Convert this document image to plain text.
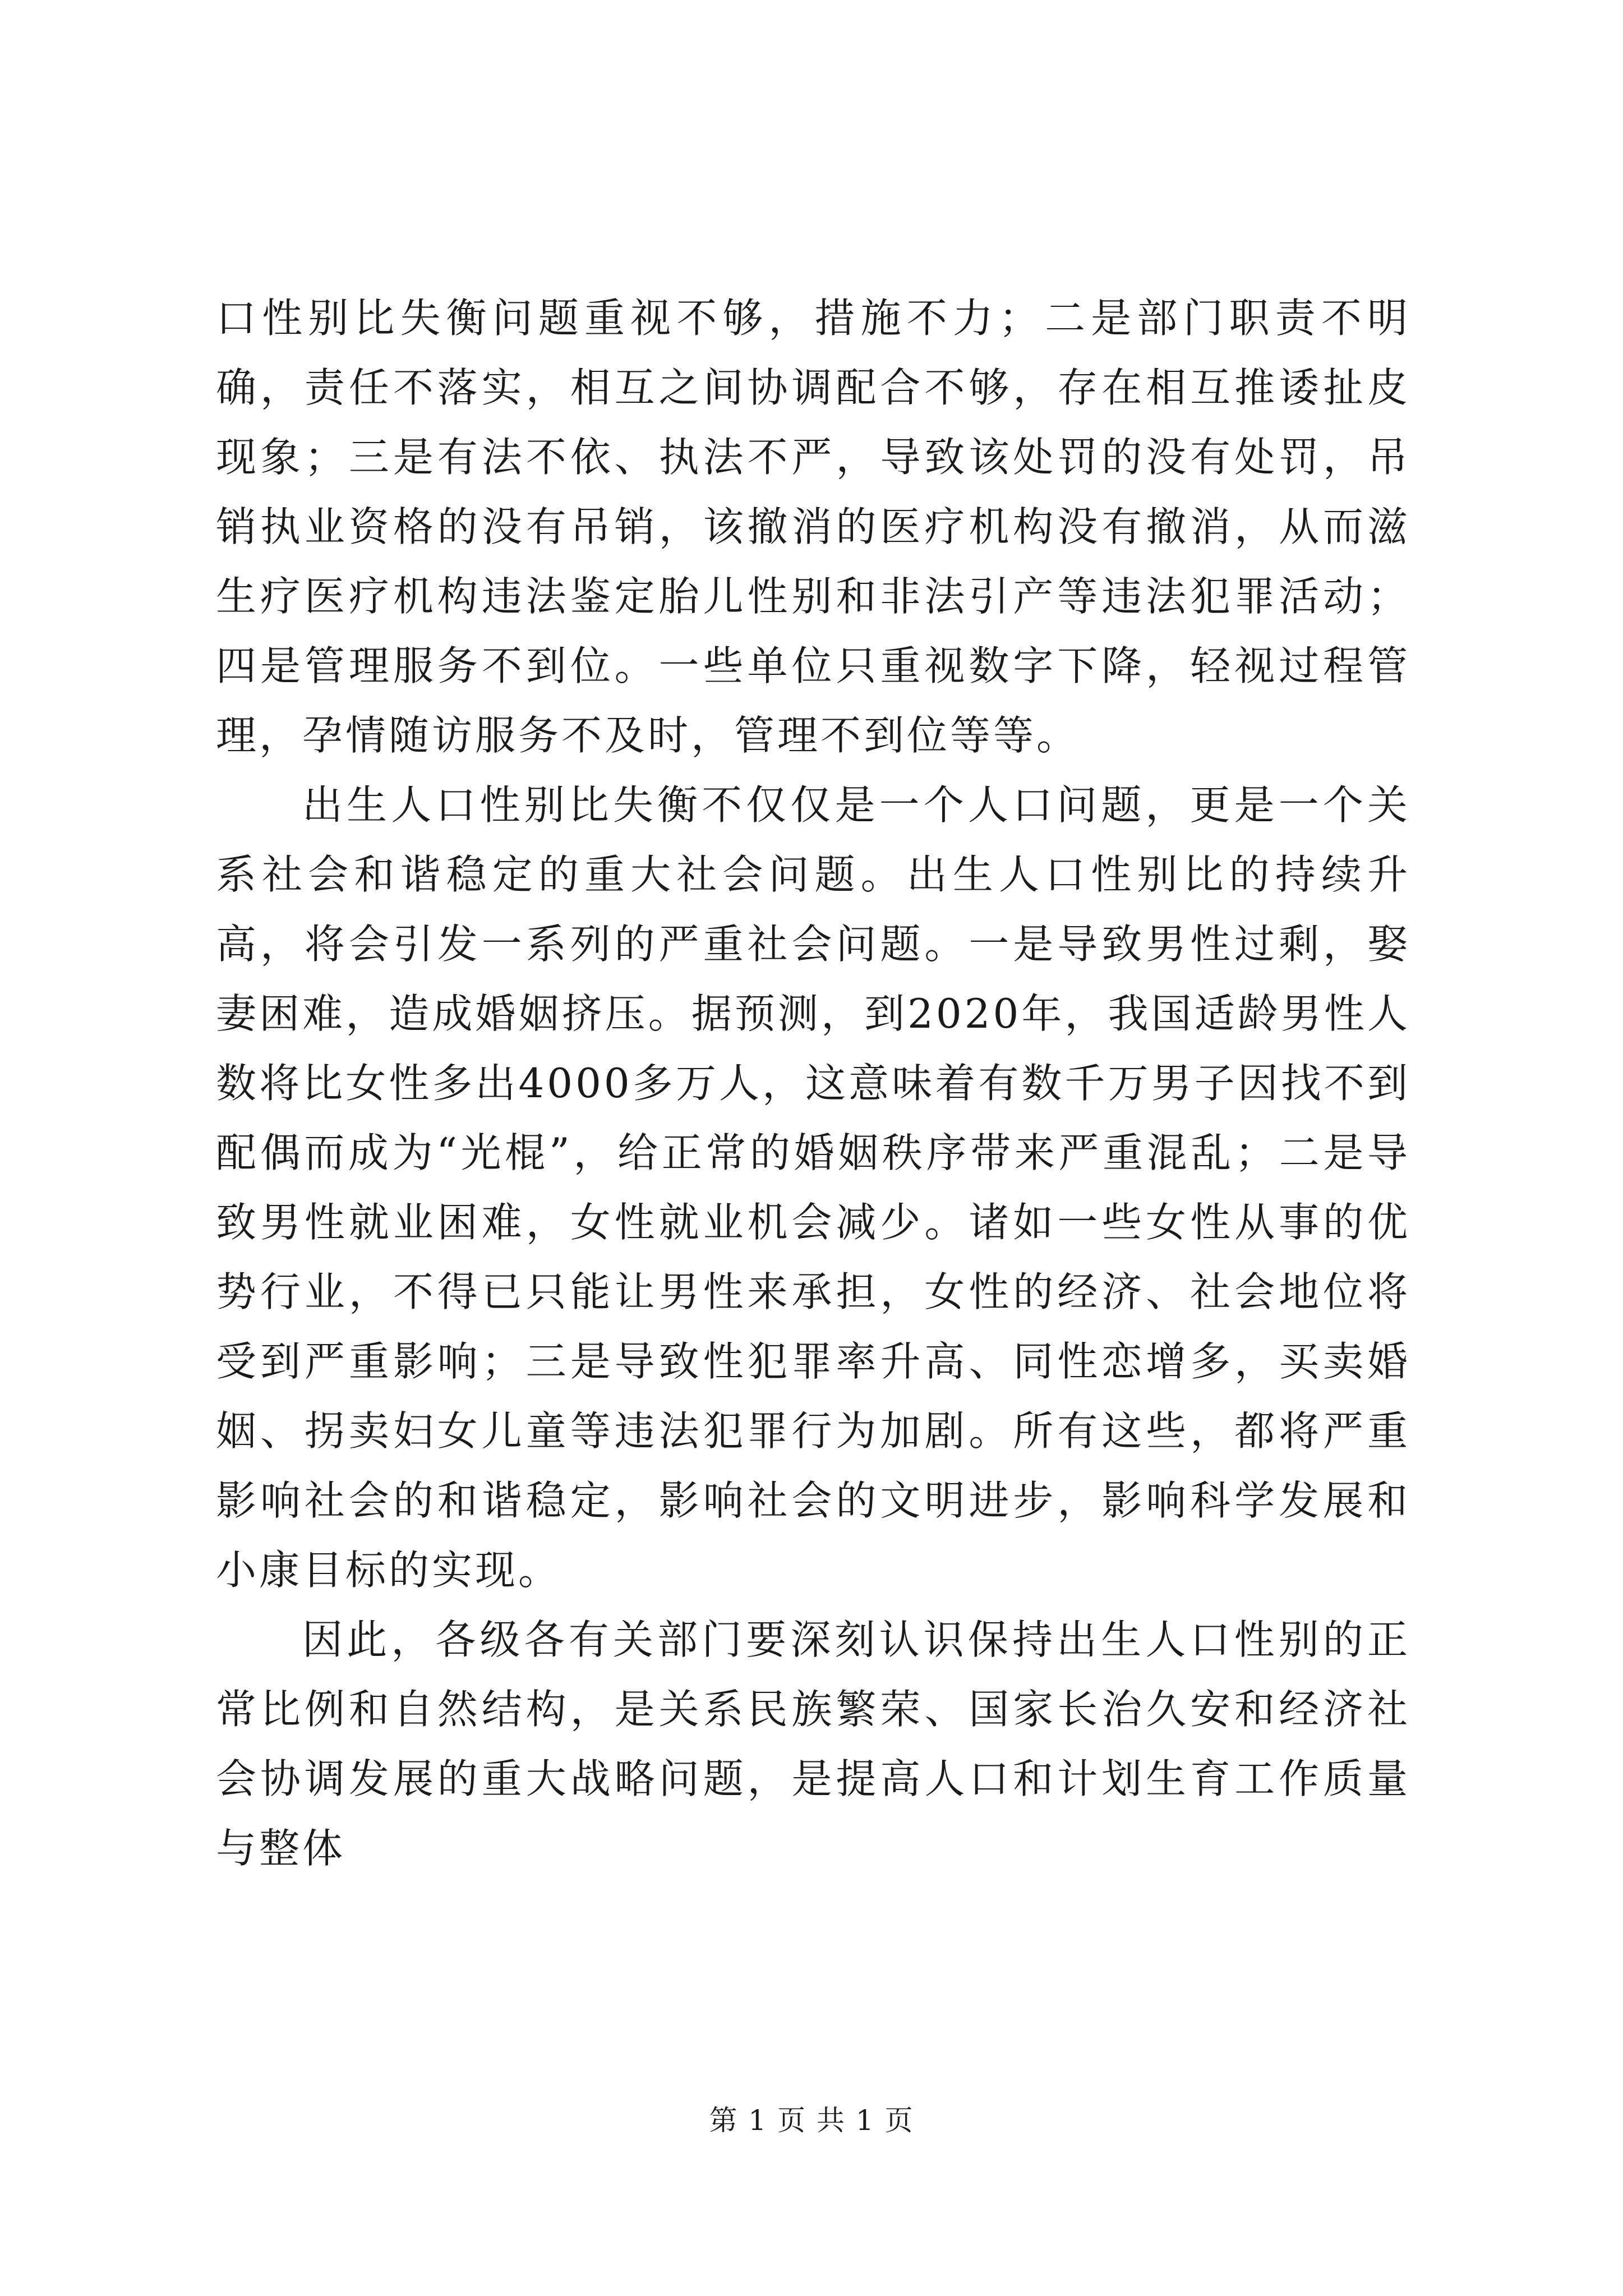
口性别比失衡问题重视不够，措施不力；二是部门职责不明确，责任不落实，相互之间协调配合不够，存在相互推诿扯皮现象；三是有法不依、执法不严，导致该处罚的没有处罚，吊销执业资格的没有吊销，该撤消的医疗机构没有撤消，从而滋生疗医疗机构违法鉴定胎儿性别和非法引产等违法犯罪活动；四是管理服务不到位。一些单位只重视数字下降，轻视过程管理，孕情随访服务不及时，管理不到位等等。

出生人口性别比失衡不仅仅是一个人口问题，更是一个关系社会和谐稳定的重大社会问题。出生人口性别比的持续升高，将会引发一系列的严重社会问题。一是导致男性过剩，娶妻困难，造成婚姻挤压。据预测，到2020年，我国适龄男性人数将比女性多出4000多万人，这意味着有数千万男子因找不到配偶而成为“光棍”，给正常的婚姻秩序带来严重混乱；二是导致男性就业困难，女性就业机会减少。诸如一些女性从事的优势行业，不得已只能让男性来承担，女性的经济、社会地位将受到严重影响；三是导致性犯罪率升高、同性恋增多，买卖婚姻、拐卖妇女儿童等违法犯罪行为加剧。所有这些，都将严重影响社会的和谐稳定，影响社会的文明进步，影响科学发展和小康目标的实现。

因此，各级各有关部门要深刻认识保持出生人口性别的正常比例和自然结构，是关系民族繁荣、国家长治久安和经济社会协调发展的重大战略问题，是提高人口和计划生育工作质量与整体

第 1 页 共 1 页
